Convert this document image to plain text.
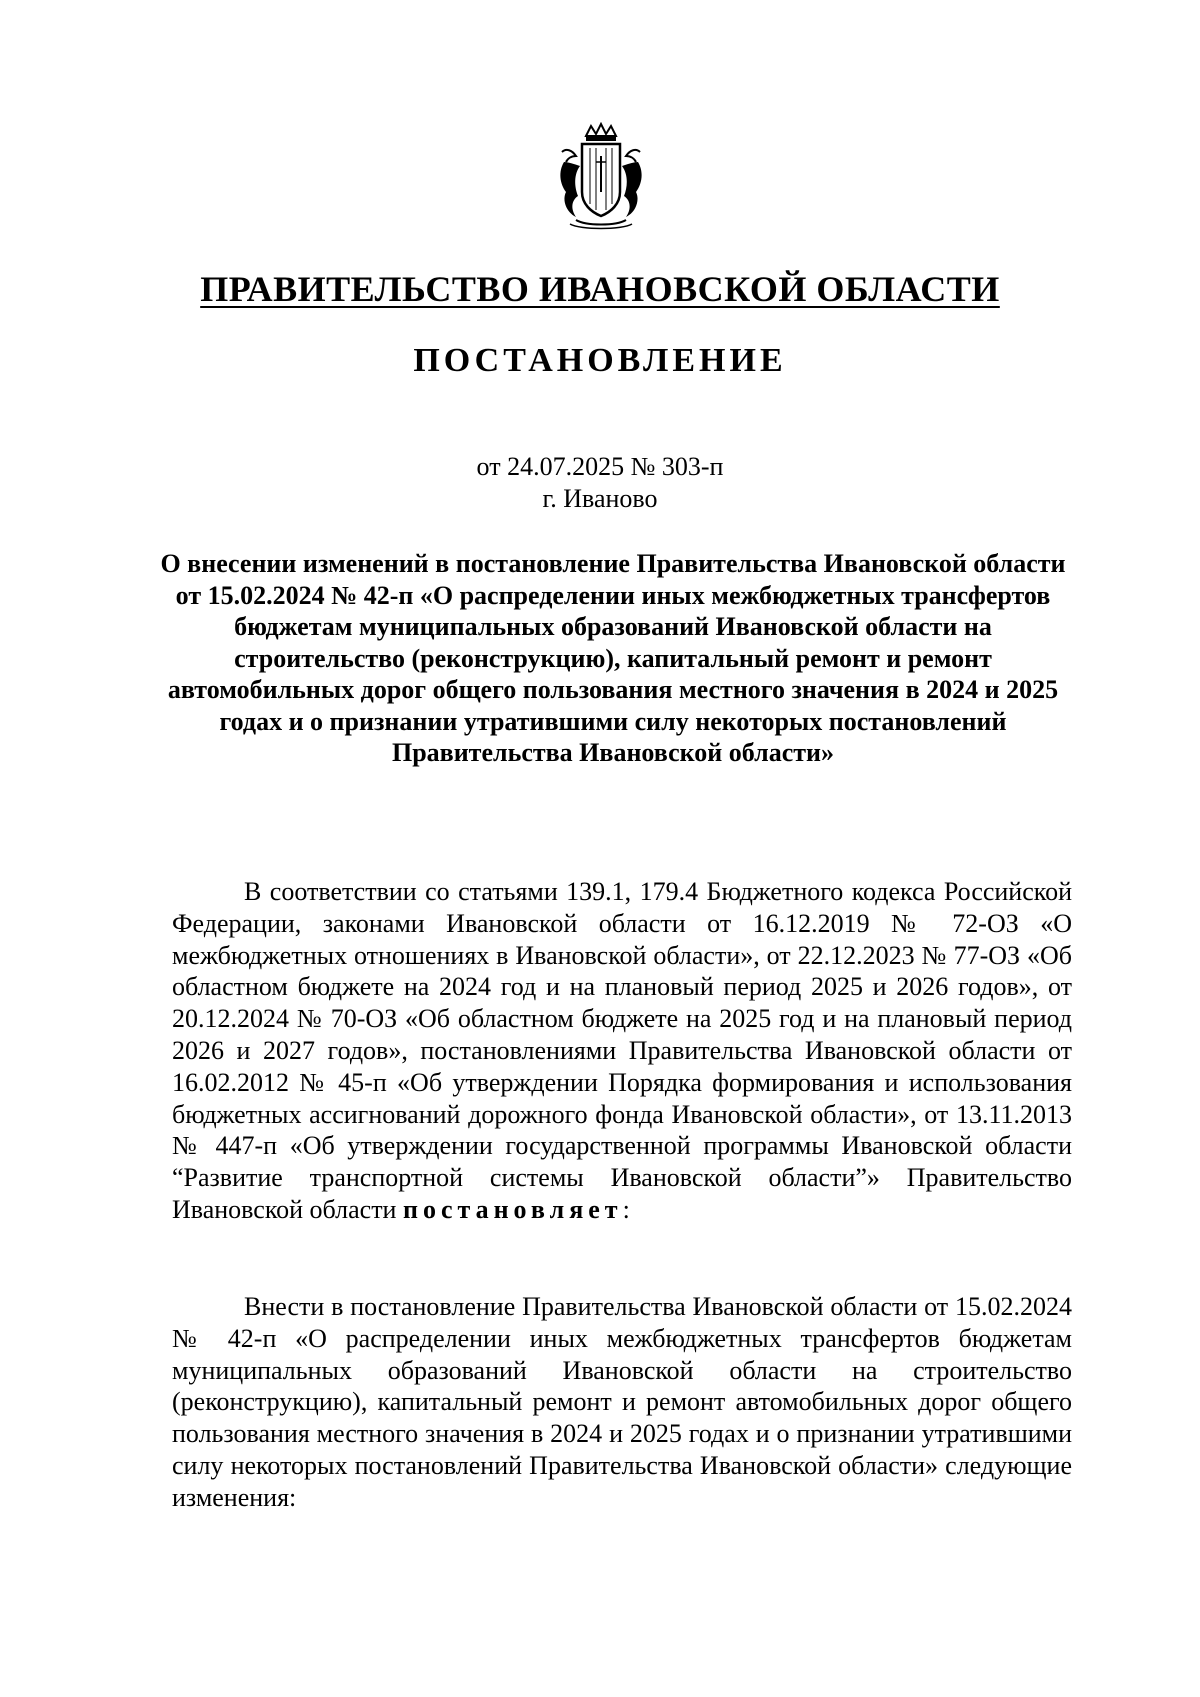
ПРАВИТЕЛЬСТВО ИВАНОВСКОЙ ОБЛАСТИ
ПОСТАНОВЛЕНИЕ
от 24.07.2025 № 303-п
г. Иваново
О внесении изменений в постановление Правительства Ивановской области от 15.02.2024 № 42-п «О распределении иных межбюджетных трансфертов бюджетам муниципальных образований Ивановской области на строительство (реконструкцию), капитальный ремонт и ремонт автомобильных дорог общего пользования местного значения в 2024 и 2025 годах и о признании утратившими силу некоторых постановлений Правительства Ивановской области»
В соответствии со статьями 139.1, 179.4 Бюджетного кодекса Российской Федерации, законами Ивановской области от 16.12.2019 № 72-ОЗ «О межбюджетных отношениях в Ивановской области», от 22.12.2023 № 77-ОЗ «Об областном бюджете на 2024 год и на плановый период 2025 и 2026 годов», от 20.12.2024 № 70-ОЗ «Об областном бюджете на 2025 год и на плановый период 2026 и 2027 годов», постановлениями Правительства Ивановской области от 16.02.2012 № 45-п «Об утверждении Порядка формирования и использования бюджетных ассигнований дорожного фонда Ивановской области», от 13.11.2013 № 447-п «Об утверждении государственной программы Ивановской области “Развитие транспортной системы Ивановской области”» Правительство Ивановской области постановляет:
Внести в постановление Правительства Ивановской области от 15.02.2024 № 42-п «О распределении иных межбюджетных трансфертов бюджетам муниципальных образований Ивановской области на строительство (реконструкцию), капитальный ремонт и ремонт автомобильных дорог общего пользования местного значения в 2024 и 2025 годах и о признании утратившими силу некоторых постановлений Правительства Ивановской области» следующие изменения:
